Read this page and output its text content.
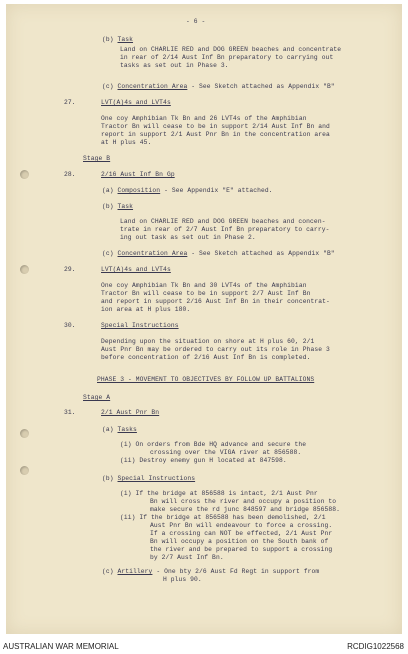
- 6 -
(b) Task
Land on CHARLIE RED and DOG GREEN beaches and concentrate
in rear of 2/14 Aust Inf Bn preparatory to carrying out
tasks as set out in Phase 3.
(c) Concentration Area - See Sketch attached as Appendix "B"
27.	LVT(A)4s and LVT4s
One coy Amphibian Tk Bn and 26 LVT4s of the Amphibian
Tractor Bn will cease to be in support 2/14 Aust Inf Bn and
report in support 2/1 Aust Pnr Bn in the concentration area
at H plus 45.
Stage B
28.	2/16 Aust Inf Bn Gp
(a) Composition - See Appendix "E" attached.
(b) Task
Land on CHARLIE RED and DOG GREEN beaches and concen-
trate in rear of 2/7 Aust Inf Bn preparatory to carry-
ing out task as set out in Phase 2.
(c) Concentration Area - See Sketch attached as Appendix "B"
29.	LVT(A)4s and LVT4s
One coy Amphibian Tk Bn and 30 LVT4s of the Amphibian
Tractor Bn will cease to be in support 2/7 Aust Inf Bn
and report in support 2/16 Aust Inf Bn in their concentrat-
ion area at H plus 180.
30.	Special Instructions
Depending upon the situation on shore at H plus 60, 2/1
Aust Pnr Bn may be ordered to carry out its role in Phase 3
before concentration of 2/16 Aust Inf Bn is completed.
PHASE 3 - MOVEMENT TO OBJECTIVES BY FOLLOW UP BATTALIONS
Stage A
31.	2/1 Aust Pnr Bn
(a) Tasks
(i) On orders from Bde HQ advance and secure the
crossing over the VIGA river at 856588.
(ii) Destroy enemy gun H located at 847598.
(b) Special Instructions
(i) If the bridge at 856588 is intact, 2/1 Aust Pnr
Bn will cross the river and occupy a position to
make secure the rd junc 848597 and bridge 856588.
(ii) If the bridge at 856588 has been demolished, 2/1
Aust Pnr Bn will endeavour to force a crossing.
If a crossing can NOT be effected, 2/1 Aust Pnr
Bn will occupy a position on the South bank of
the river and be prepared to support a crossing
by 2/7 Aust Inf Bn.
(c) Artillery - One bty 2/6 Aust Fd Regt in support from
H plus 90.
AUSTRALIAN WAR MEMORIAL	RCDIG1022568
